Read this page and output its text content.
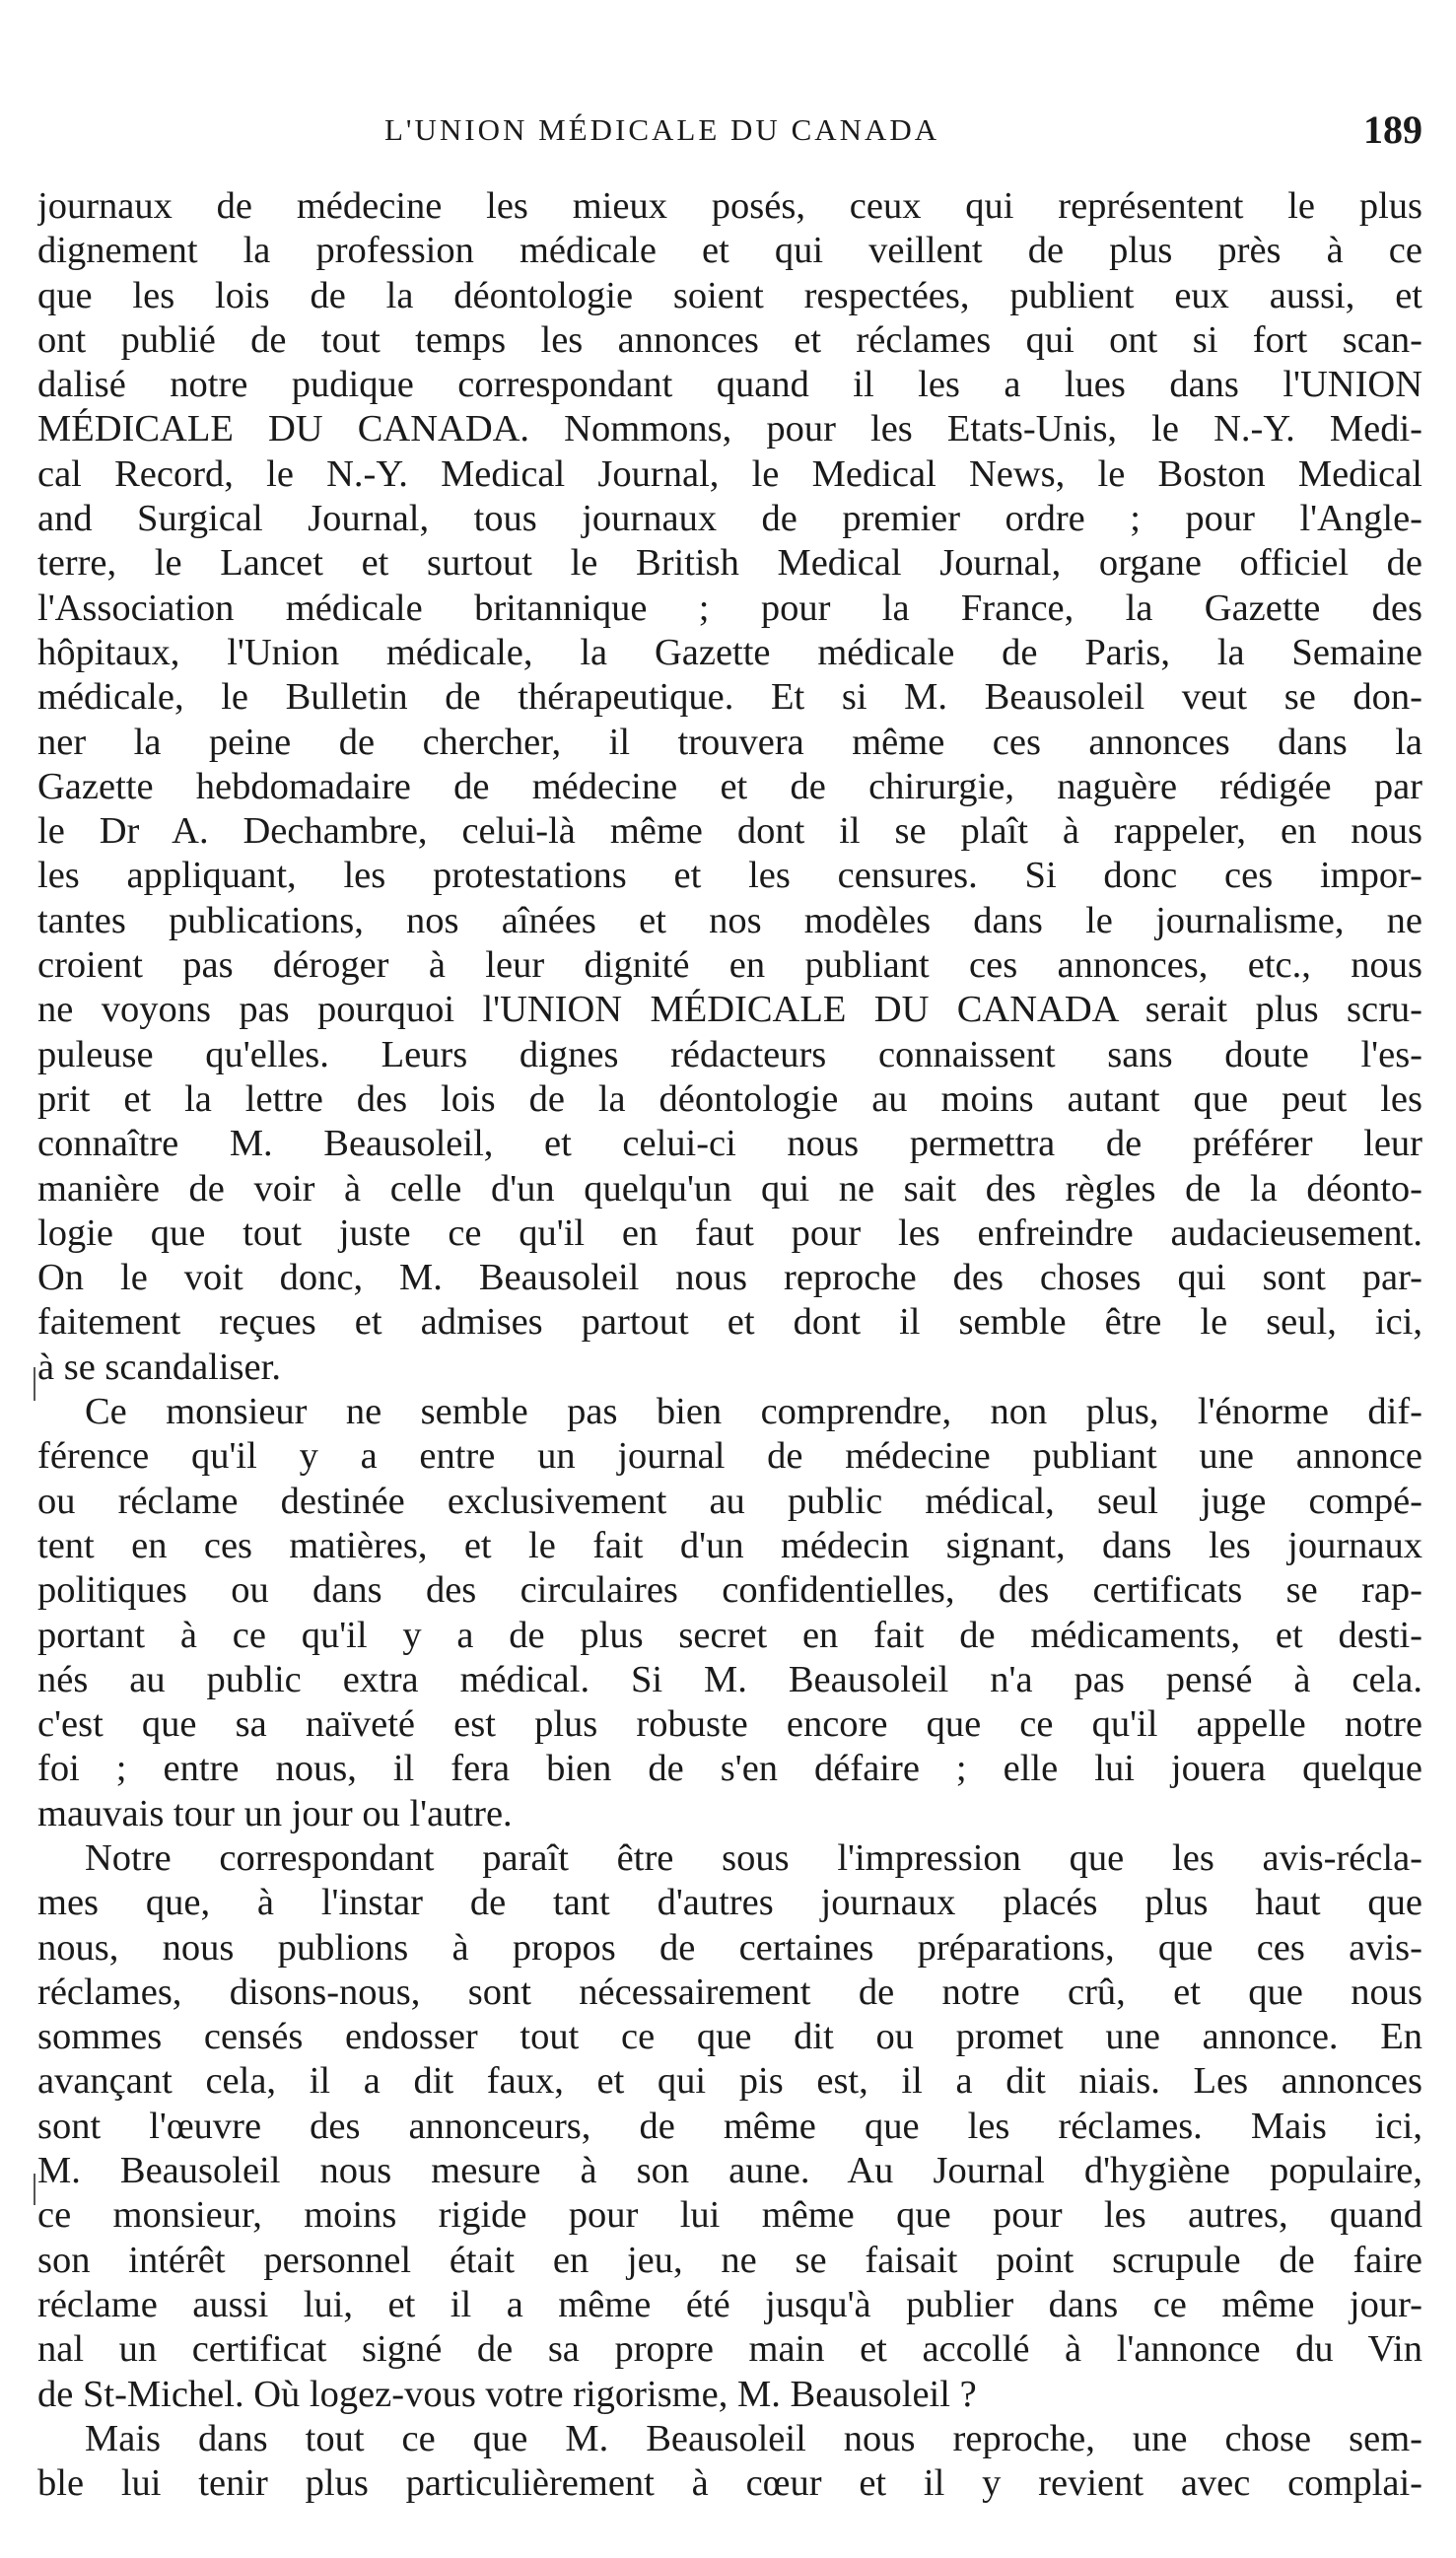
L'UNION MÉDICALE DU CANADA	189
journaux de médecine les mieux posés, ceux qui représentent le plus
dignement la profession médicale et qui veillent de plus près à ce
que les lois de la déontologie soient respectées, publient eux aussi, et
ont publié de tout temps les annonces et réclames qui ont si fort scan-
dalisé notre pudique correspondant quand il les a lues dans l'UNION
MÉDICALE DU CANADA. Nommons, pour les Etats-Unis, le N.-Y. Medi-
cal Record, le N.-Y. Medical Journal, le Medical News, le Boston Medical
and Surgical Journal, tous journaux de premier ordre ; pour l'Angle-
terre, le Lancet et surtout le British Medical Journal, organe officiel de
l'Association médicale britannique ; pour la France, la Gazette des
hôpitaux, l'Union médicale, la Gazette médicale de Paris, la Semaine
médicale, le Bulletin de thérapeutique. Et si M. Beausoleil veut se don-
ner la peine de chercher, il trouvera même ces annonces dans la
Gazette hebdomadaire de médecine et de chirurgie, naguère rédigée par
le Dr A. Dechambre, celui-là même dont il se plaît à rappeler, en nous
les appliquant, les protestations et les censures. Si donc ces impor-
tantes publications, nos aînées et nos modèles dans le journalisme, ne
croient pas déroger à leur dignité en publiant ces annonces, etc., nous
ne voyons pas pourquoi l'UNION MÉDICALE DU CANADA serait plus scru-
puleuse qu'elles. Leurs dignes rédacteurs connaissent sans doute l'es-
prit et la lettre des lois de la déontologie au moins autant que peut les
connaître M. Beausoleil, et celui-ci nous permettra de préférer leur
manière de voir à celle d'un quelqu'un qui ne sait des règles de la déonto-
logie que tout juste ce qu'il en faut pour les enfreindre audacieusement.
On le voit donc, M. Beausoleil nous reproche des choses qui sont par-
faitement reçues et admises partout et dont il semble être le seul, ici,
à se scandaliser.
Ce monsieur ne semble pas bien comprendre, non plus, l'énorme dif-
férence qu'il y a entre un journal de médecine publiant une annonce
ou réclame destinée exclusivement au public médical, seul juge compé-
tent en ces matières, et le fait d'un médecin signant, dans les journaux
politiques ou dans des circulaires confidentielles, des certificats se rap-
portant à ce qu'il y a de plus secret en fait de médicaments, et desti-
nés au public extra médical. Si M. Beausoleil n'a pas pensé à cela.
c'est que sa naïveté est plus robuste encore que ce qu'il appelle notre
foi ; entre nous, il fera bien de s'en défaire ; elle lui jouera quelque
mauvais tour un jour ou l'autre.
Notre correspondant paraît être sous l'impression que les avis-récla-
mes que, à l'instar de tant d'autres journaux placés plus haut que
nous, nous publions à propos de certaines préparations, que ces avis-
réclames, disons-nous, sont nécessairement de notre crû, et que nous
sommes censés endosser tout ce que dit ou promet une annonce. En
avançant cela, il a dit faux, et qui pis est, il a dit niais. Les annonces
sont l'œuvre des annonceurs, de même que les réclames. Mais ici,
M. Beausoleil nous mesure à son aune. Au Journal d'hygiène populaire,
ce monsieur, moins rigide pour lui même que pour les autres, quand
son intérêt personnel était en jeu, ne se faisait point scrupule de faire
réclame aussi lui, et il a même été jusqu'à publier dans ce même jour-
nal un certificat signé de sa propre main et accollé à l'annonce du Vin
de St-Michel. Où logez-vous votre rigorisme, M. Beausoleil ?
Mais dans tout ce que M. Beausoleil nous reproche, une chose sem-
ble lui tenir plus particulièrement à cœur et il y revient avec complai-
